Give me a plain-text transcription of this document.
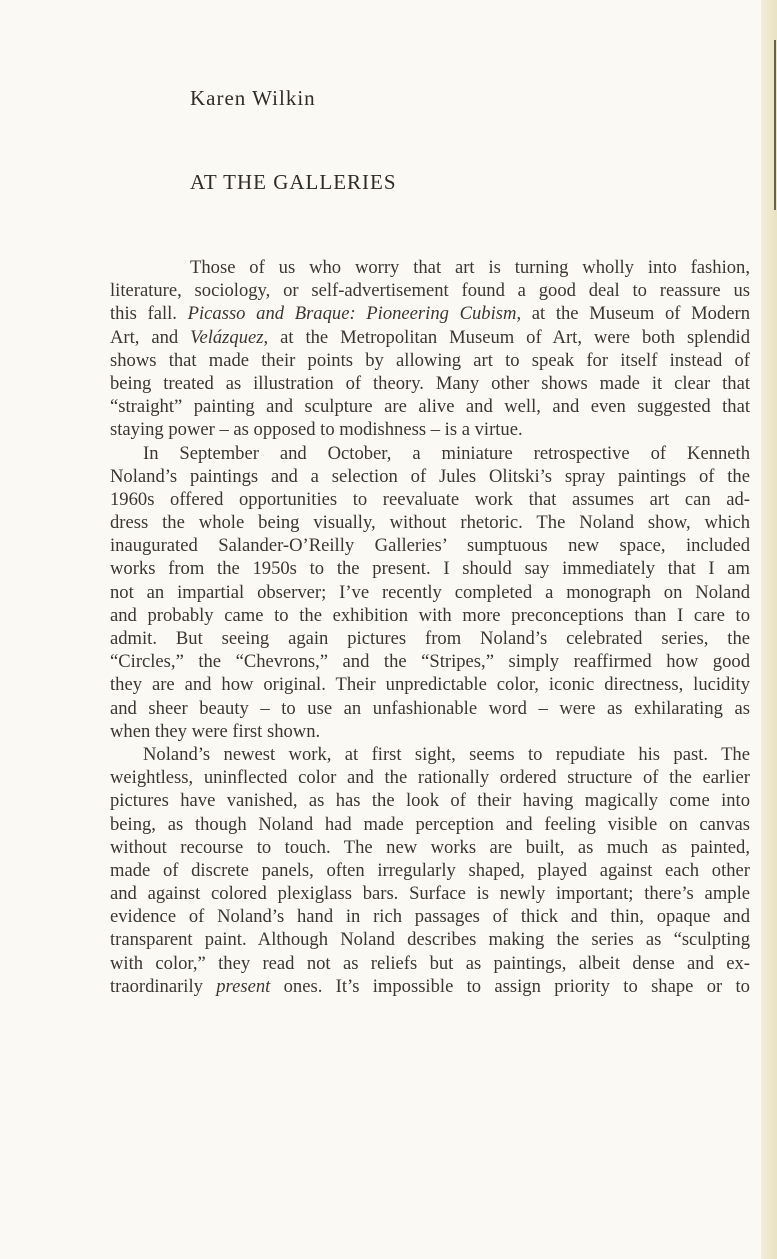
Karen Wilkin
AT THE GALLERIES
Those of us who worry that art is turning wholly into fashion,
literature, sociology, or self-advertisement found a good deal to reassure us
this fall. Picasso and Braque: Pioneering Cubism, at the Museum of Modern
Art, and Velázquez, at the Metropolitan Museum of Art, were both splendid
shows that made their points by allowing art to speak for itself instead of
being treated as illustration of theory. Many other shows made it clear that
“straight” painting and sculpture are alive and well, and even suggested that
staying power – as opposed to modishness – is a virtue.
In September and October, a miniature retrospective of Kenneth
Noland’s paintings and a selection of Jules Olitski’s spray paintings of the
1960s offered opportunities to reevaluate work that assumes art can ad-
dress the whole being visually, without rhetoric. The Noland show, which
inaugurated Salander-O’Reilly Galleries’ sumptuous new space, included
works from the 1950s to the present. I should say immediately that I am
not an impartial observer; I’ve recently completed a monograph on Noland
and probably came to the exhibition with more preconceptions than I care to
admit. But seeing again pictures from Noland’s celebrated series, the
“Circles,” the “Chevrons,” and the “Stripes,” simply reaffirmed how good
they are and how original. Their unpredictable color, iconic directness, lucidity
and sheer beauty – to use an unfashionable word – were as exhilarating as
when they were first shown.
Noland’s newest work, at first sight, seems to repudiate his past. The
weightless, uninflected color and the rationally ordered structure of the earlier
pictures have vanished, as has the look of their having magically come into
being, as though Noland had made perception and feeling visible on canvas
without recourse to touch. The new works are built, as much as painted,
made of discrete panels, often irregularly shaped, played against each other
and against colored plexiglass bars. Surface is newly important; there’s ample
evidence of Noland’s hand in rich passages of thick and thin, opaque and
transparent paint. Although Noland describes making the series as “sculpting
with color,” they read not as reliefs but as paintings, albeit dense and ex-
traordinarily present ones. It’s impossible to assign priority to shape or to
